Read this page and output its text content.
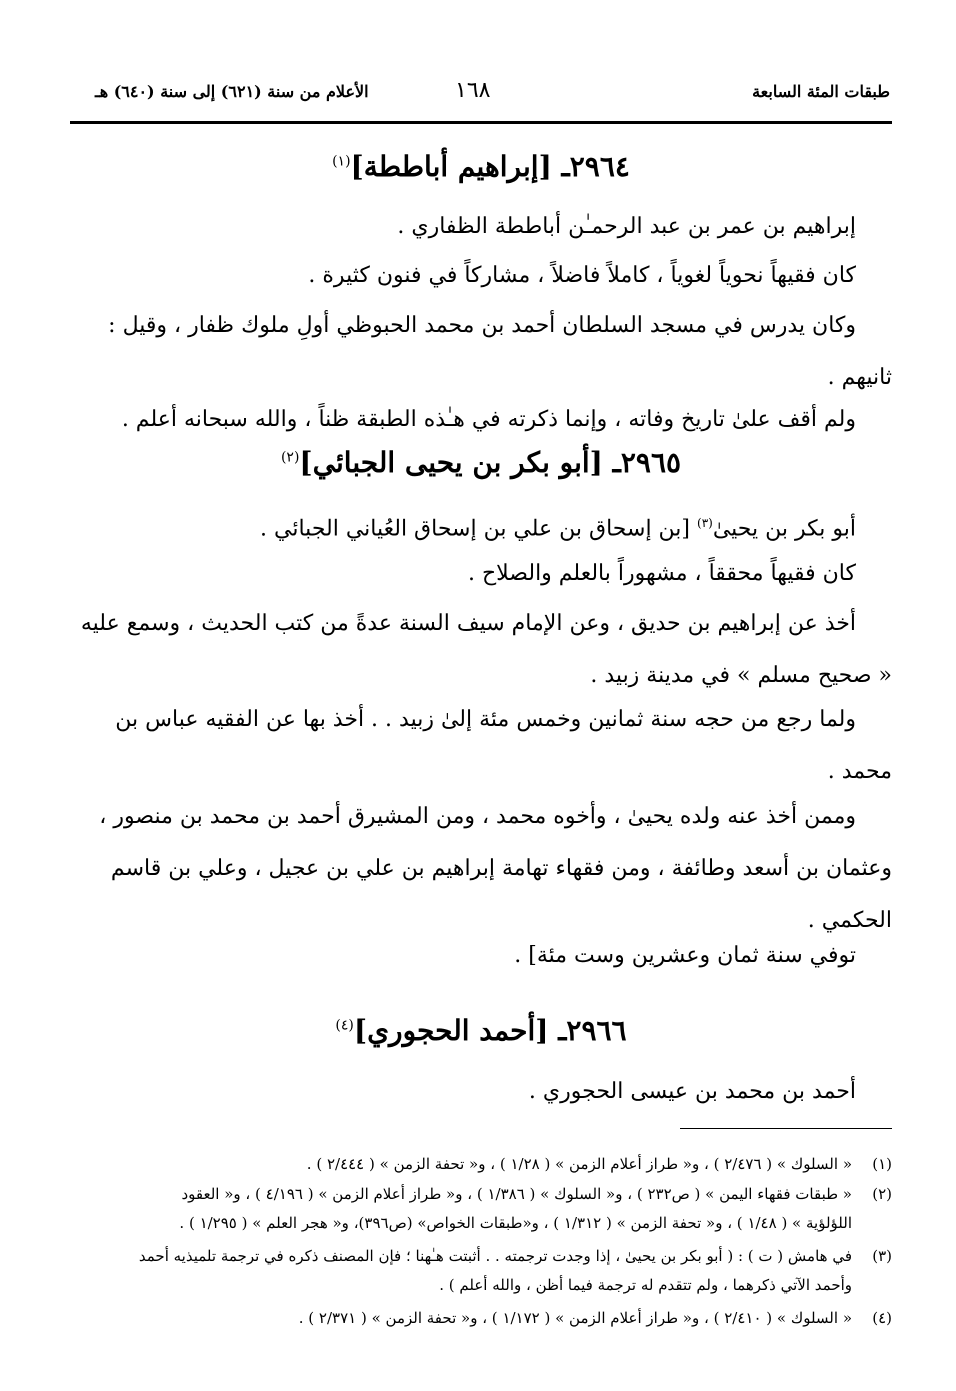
طبقات المئة السابعة
١٦٨
الأعلام من سنة (٦٢١) إلى سنة (٦٤٠) هـ
٢٩٦٤ـ [إبراهيم أباططة]$^{(١)}$
إبراهيم بن عمر بن عبد الرحمـٰن أباططة الظفاري .
كان فقيهاً نحوياً لغوياً ، كاملاً فاضلاً ، مشاركاً في فنون كثيرة .
وكان يدرس في مسجد السلطان أحمد بن محمد الحبوظي أولِ ملوك ظفار ، وقيل :
ثانيهم .
ولم أقف علىٰ تاريخ وفاته ، وإنما ذكرته في هـٰذه الطبقة ظناً ، والله سبحانه أعلم .
٢٩٦٥ـ [أبو بكر بن يحيى الجبائي]$^{(٢)}$
أبو بكر بن يحيىٰ$^{(٣)}$ [بن إسحاق بن علي بن إسحاق العُياني الجبائي .
كان فقيهاً محققاً ، مشهوراً بالعلم والصلاح .
أخذ عن إبراهيم بن حديق ، وعن الإمام سيف السنة عدةً من كتب الحديث ، وسمع عليه
« صحيح مسلم » في مدينة زبيد .
ولما رجع من حجه سنة ثمانين وخمس مئة إلىٰ زبيد . . أخذ بها عن الفقيه عباس بن
محمد .
وممن أخذ عنه ولده يحيىٰ ، وأخوه محمد ، ومن المشيرق أحمد بن محمد بن منصور ،
وعثمان بن أسعد وطائفة ، ومن فقهاء تهامة إبراهيم بن علي بن عجيل ، وعلي بن قاسم
الحكمي .
توفي سنة ثمان وعشرين وست مئة] .
٢٩٦٦ـ [أحمد الحجوري]$^{(٤)}$
أحمد بن محمد بن عيسى الحجوري .
(١)« السلوك » ( ٢/٤٧٦ ) ، و« طراز أعلام الزمن » ( ١/٢٨ ) ، و« تحفة الزمن » ( ٢/٤٤٤ ) .
(٢)« طبقات فقهاء اليمن » ( ص٢٣٢ ) ، و« السلوك » ( ١/٣٨٦ ) ، و« طراز أعلام الزمن » ( ٤/١٩٦ ) ، و« العقود
اللؤلؤية » ( ١/٤٨ ) ، و« تحفة الزمن » ( ١/٣١٢ ) ، و«طبقات الخواص» (ص٣٩٦)، و« هجر العلم » ( ١/٢٩٥ ) .
(٣)في هامش ( ت ) : ( أبو بكر بن يحيىٰ ، إذا وجدت ترجمته . . أثبتت هـٰهنا ؛ فإن المصنف ذكره في ترجمة تلميذيه أحمد
وأحمد الآتي ذكرهما ، ولم تتقدم له ترجمة فيما أظن ، والله أعلم ) .
(٤)« السلوك » ( ٢/٤١٠ ) ، و« طراز أعلام الزمن » ( ١/١٧٢ ) ، و« تحفة الزمن » ( ٢/٣٧١ ) .
